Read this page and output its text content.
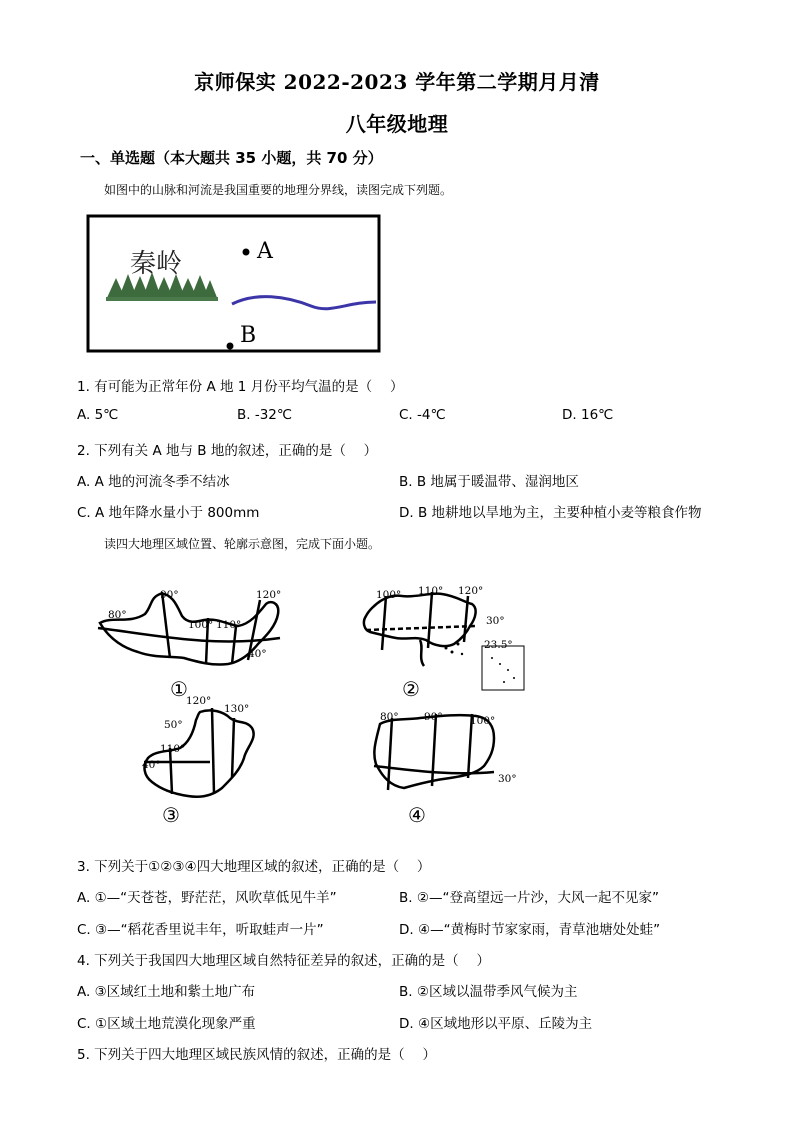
京师保实 2022-2023 学年第二学期月月清
八年级地理
一、单选题（本大题共 35 小题，共 70 分）
如图中的山脉和河流是我国重要的地理分界线，读图完成下列题。
秦岭	A
B
1. 有可能为正常年份 A 地 1 月份平均气温的是（　 ）
A. 5℃	B. -32℃	C. -4℃	D. 16℃
2. 下列有关 A 地与 B 地的叙述，正确的是（　 ）
A. A 地的河流冬季不结冰	B. B 地属于暖温带、湿润地区
C. A 地年降水量小于 800mm	D. B 地耕地以旱地为主，主要种植小麦等粮食作物
读四大地理区域位置、轮廓示意图，完成下面小题。
90°	120°
80°
100° 110°
40°
①
100° 110° 120°
30°
23.5°
②
120°
130°
50°
110°
40°
③
80° 90°	100°
30°
④
3. 下列关于①②③④四大地理区域的叙述，正确的是（　 ）
A. ①—“天苍苍，野茫茫，风吹草低见牛羊”	B. ②—“登高望远一片沙，大风一起不见家”
C. ③—“稻花香里说丰年，听取蛙声一片”	D. ④—“黄梅时节家家雨，青草池塘处处蛙”
4. 下列关于我国四大地理区域自然特征差异的叙述，正确的是（　 ）
A. ③区域红土地和紫土地广布	B. ②区域以温带季风气候为主
C. ①区域土地荒漠化现象严重	D. ④区域地形以平原、丘陵为主
5. 下列关于四大地理区域民族风情的叙述，正确的是（　 ）
